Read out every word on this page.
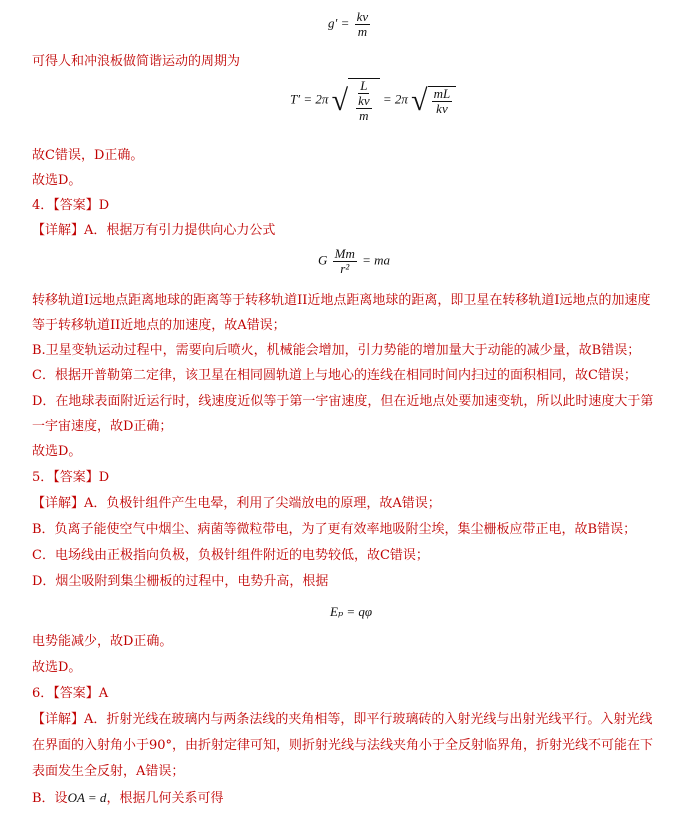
$g' = \frac{kv}{m}$
可得人和冲浪板做简谐运动的周期为
T′ = 2π √ $\frac{L}{\frac{kv}{m}} = 2\pi$ √ $\frac{mL}{kv}$
故C错误，D正确。
故选D。
4．【答案】D
【详解】A．根据万有引力提供向心力公式
G $\frac{Mm}{\text{r²}}$ = ma
转移轨道I远地点距离地球的距离等于转移轨道II近地点距离地球的距离，即卫星在转移轨道I远地点的加速度
等于转移轨道II近地点的加速度，故A错误；
B.卫星变轨运动过程中，需要向后喷火，机械能会增加，引力势能的增加量大于动能的减少量，故B错误；
C．根据开普勒第二定律，该卫星在相同圆轨道上与地心的连线在相同时间内扫过的面积相同，故C错误；
D．在地球表面附近运行时，线速度近似等于第一宇宙速度，但在近地点处要加速变轨，所以此时速度大于第
一宇宙速度，故D正确；
故选D。
5．【答案】D
【详解】A．负极针组件产生电晕，利用了尖端放电的原理，故A错误；
B．负离子能使空气中烟尘、病菌等微粒带电，为了更有效率地吸附尘埃，集尘栅板应带正电，故B错误；
C．电场线由正极指向负极，负极针组件附近的电势较低，故C错误；
D．烟尘吸附到集尘栅板的过程中，电势升高，根据
Eₚ = qφ
电势能减少，故D正确。
故选D。
6．【答案】A
【详解】A．折射光线在玻璃内与两条法线的夹角相等，即平行玻璃砖的入射光线与出射光线平行。入射光线
在界面的入射角小于90°，由折射定律可知，则折射光线与法线夹角小于全反射临界角，折射光线不可能在下
表面发生全反射，A错误；
B．设OA = d，根据几何关系可得
